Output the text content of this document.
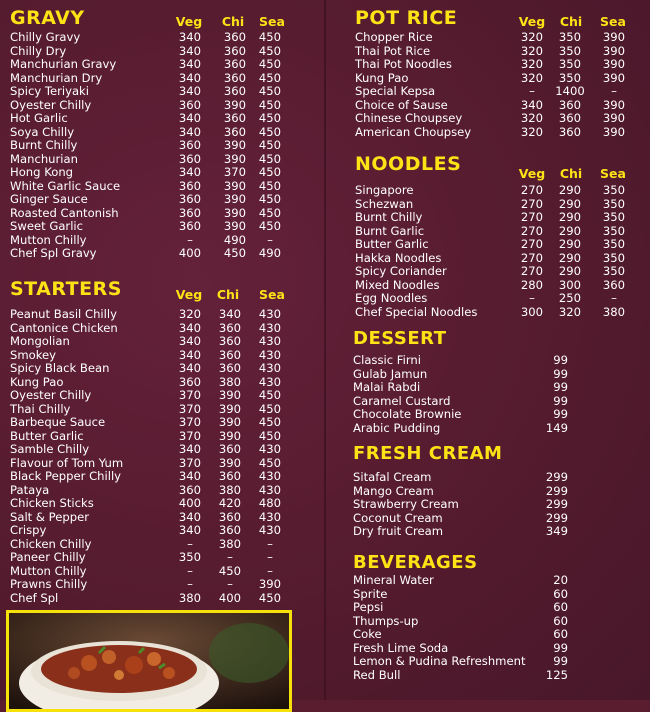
GRAVY	Veg	Chi	Sea
Chilly Gravy	340	360	450
Chilly Dry	340	360	450
Manchurian Gravy	340	360	450
Manchurian Dry	340	360	450
Spicy Teriyaki	340	360	450
Oyester Chilly	360	390	450
Hot Garlic	340	360	450
Soya Chilly	340	360	450
Burnt Chilly	360	390	450
Manchurian	360	390	450
Hong Kong	340	370	450
White Garlic Sauce	360	390	450
Ginger Sauce	360	390	450
Roasted Cantonish	360	390	450
Sweet Garlic	360	390	450
Mutton Chilly	–	490	–
Chef Spl Gravy	400	450	490
STARTERS	Veg	Chi	Sea
Peanut Basil Chilly	320	340	430
Cantonice Chicken	340	360	430
Mongolian	340	360	430
Smokey	340	360	430
Spicy Black Bean	340	360	430
Kung Pao	360	380	430
Oyester Chilly	370	390	450
Thai Chilly	370	390	450
Barbeque Sauce	370	390	450
Butter Garlic	370	390	450
Samble Chilly	340	360	430
Flavour of Tom Yum	370	390	450
Black Pepper Chilly	340	360	430
Pataya	360	380	430
Chicken Sticks	400	420	480
Salt & Pepper	340	360	430
Crispy	340	360	430
Chicken Chilly	–	380	–
Paneer Chilly	350	–	–
Mutton Chilly	–	450	–
Prawns Chilly	–	–	390
Chef Spl	380	400	450
POT RICE	Veg	Chi	Sea
Chopper Rice	320	350	390
Thai Pot Rice	320	350	390
Thai Pot Noodles	320	350	390
Kung Pao	320	350	390
Special Kepsa	–	1400	–
Choice of Sause	340	360	390
Chinese Choupsey	320	360	390
American Choupsey	320	360	390
NOODLES	Veg	Chi	Sea
Singapore	270	290	350
Schezwan	270	290	350
Burnt Chilly	270	290	350
Burnt Garlic	270	290	350
Butter Garlic	270	290	350
Hakka Noodles	270	290	350
Spicy Coriander	270	290	350
Mixed Noodles	280	300	360
Egg Noodles	–	250	–
Chef Special Noodles	300	320	380
DESSERT
Classic Firni	99
Gulab Jamun	99
Malai Rabdi	99
Caramel Custard	99
Chocolate Brownie	99
Arabic Pudding	149
FRESH CREAM
Sitafal Cream	299
Mango Cream	299
Strawberry Cream	299
Coconut Cream	299
Dry fruit Cream	349
BEVERAGES
Mineral Water	20
Sprite	60
Pepsi	60
Thumps-up	60
Coke	60
Fresh Lime Soda	99
Lemon & Pudina Refreshment	99
Red Bull	125
